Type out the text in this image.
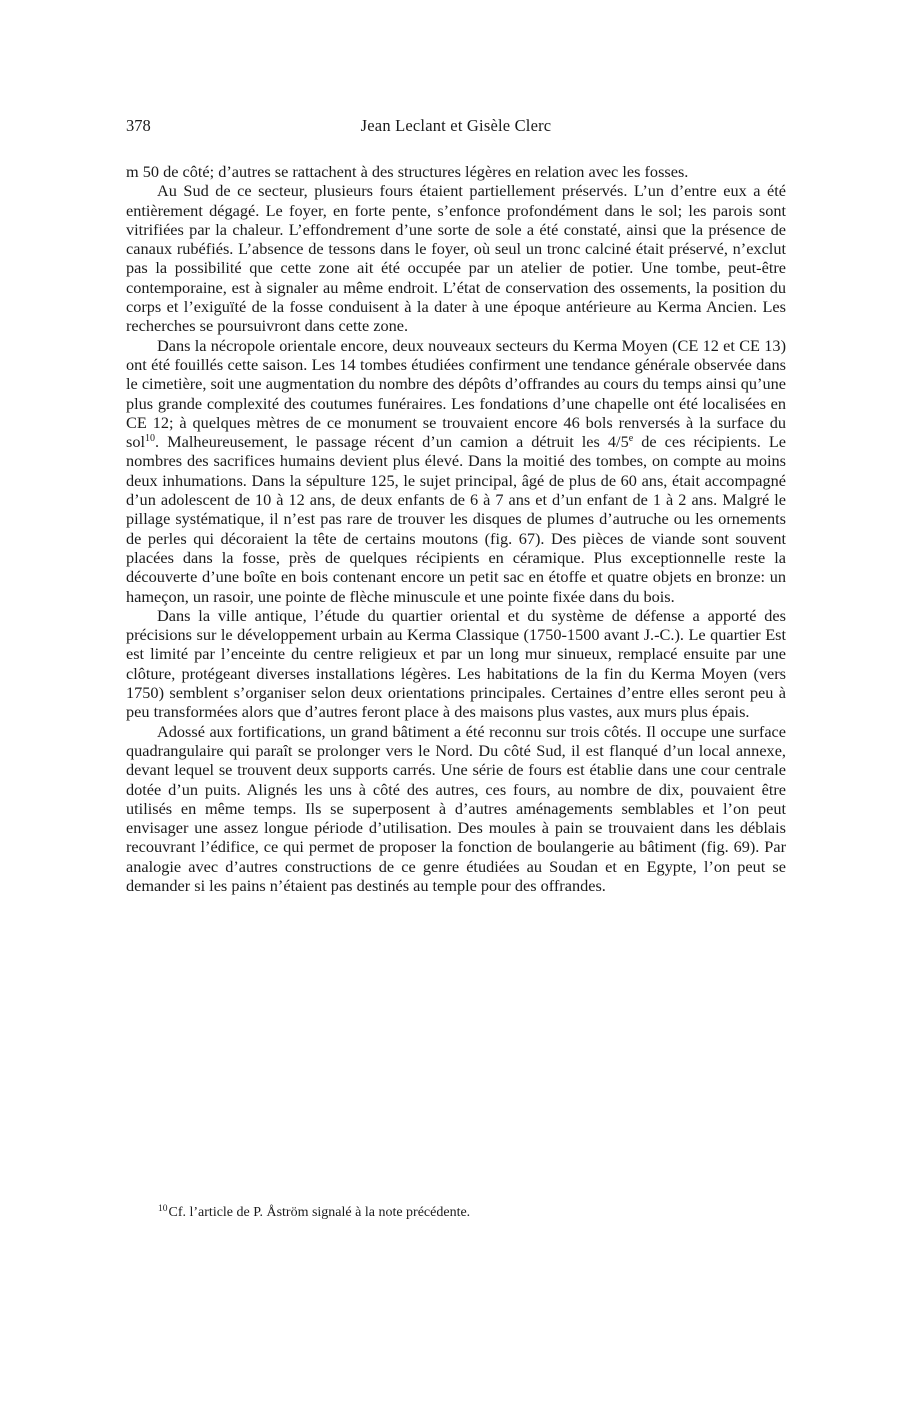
378	Jean Leclant et Gisèle Clerc

m 50 de côté; d’autres se rattachent à des structures légères en relation avec les fosses.

Au Sud de ce secteur, plusieurs fours étaient partiellement préservés. L’un d’entre eux a été entièrement dégagé. Le foyer, en forte pente, s’enfonce profondément dans le sol; les parois sont vitrifiées par la chaleur. L’effondrement d’une sorte de sole a été constaté, ainsi que la présence de canaux rubéfiés. L’absence de tessons dans le foyer, où seul un tronc calciné était préservé, n’exclut pas la possibilité que cette zone ait été occupée par un atelier de potier. Une tombe, peut-être contemporaine, est à signaler au même endroit. L’état de conservation des ossements, la position du corps et l’exiguïté de la fosse conduisent à la dater à une époque antérieure au Kerma Ancien. Les recherches se poursuivront dans cette zone.

Dans la nécropole orientale encore, deux nouveaux secteurs du Kerma Moyen (CE 12 et CE 13) ont été fouillés cette saison. Les 14 tombes étudiées confirment une tendance générale observée dans le cimetière, soit une augmentation du nombre des dépôts d’offrandes au cours du temps ainsi qu’une plus grande complexité des coutumes funéraires. Les fondations d’une chapelle ont été localisées en CE 12; à quelques mètres de ce monument se trouvaient encore 46 bols renversés à la surface du sol$^{10}$. Malheureusement, le passage récent d’un camion a détruit les 4/5e de ces récipients. Le nombres des sacrifices humains devient plus élevé. Dans la moitié des tombes, on compte au moins deux inhumations. Dans la sépulture 125, le sujet principal, âgé de plus de 60 ans, était accompagné d’un adolescent de 10 à 12 ans, de deux enfants de 6 à 7 ans et d’un enfant de 1 à 2 ans. Malgré le pillage systématique, il n’est pas rare de trouver les disques de plumes d’autruche ou les ornements de perles qui décoraient la tête de certains moutons (fig. 67). Des pièces de viande sont souvent placées dans la fosse, près de quelques récipients en céramique. Plus exceptionnelle reste la découverte d’une boîte en bois contenant encore un petit sac en étoffe et quatre objets en bronze: un hameçon, un rasoir, une pointe de flèche minuscule et une pointe fixée dans du bois.

Dans la ville antique, l’étude du quartier oriental et du système de défense a apporté des précisions sur le développement urbain au Kerma Classique (1750-1500 avant J.-C.). Le quartier Est est limité par l’enceinte du centre religieux et par un long mur sinueux, remplacé ensuite par une clôture, protégeant diverses installations légères. Les habitations de la fin du Kerma Moyen (vers 1750) semblent s’organiser selon deux orientations principales. Certaines d’entre elles seront peu à peu transformées alors que d’autres feront place à des maisons plus vastes, aux murs plus épais.

Adossé aux fortifications, un grand bâtiment a été reconnu sur trois côtés. Il occupe une surface quadrangulaire qui paraît se prolonger vers le Nord. Du côté Sud, il est flanqué d’un local annexe, devant lequel se trouvent deux supports carrés. Une série de fours est établie dans une cour centrale dotée d’un puits. Alignés les uns à côté des autres, ces fours, au nombre de dix, pouvaient être utilisés en même temps. Ils se superposent à d’autres aménagements semblables et l’on peut envisager une assez longue période d’utilisation. Des moules à pain se trouvaient dans les déblais recouvrant l’édifice, ce qui permet de proposer la fonction de boulangerie au bâtiment (fig. 69). Par analogie avec d’autres constructions de ce genre étudiées au Soudan et en Egypte, l’on peut se demander si les pains n’étaient pas destinés au temple pour des offrandes.

$^{10}$Cf. l’article de P. Åström signalé à la note précédente.
